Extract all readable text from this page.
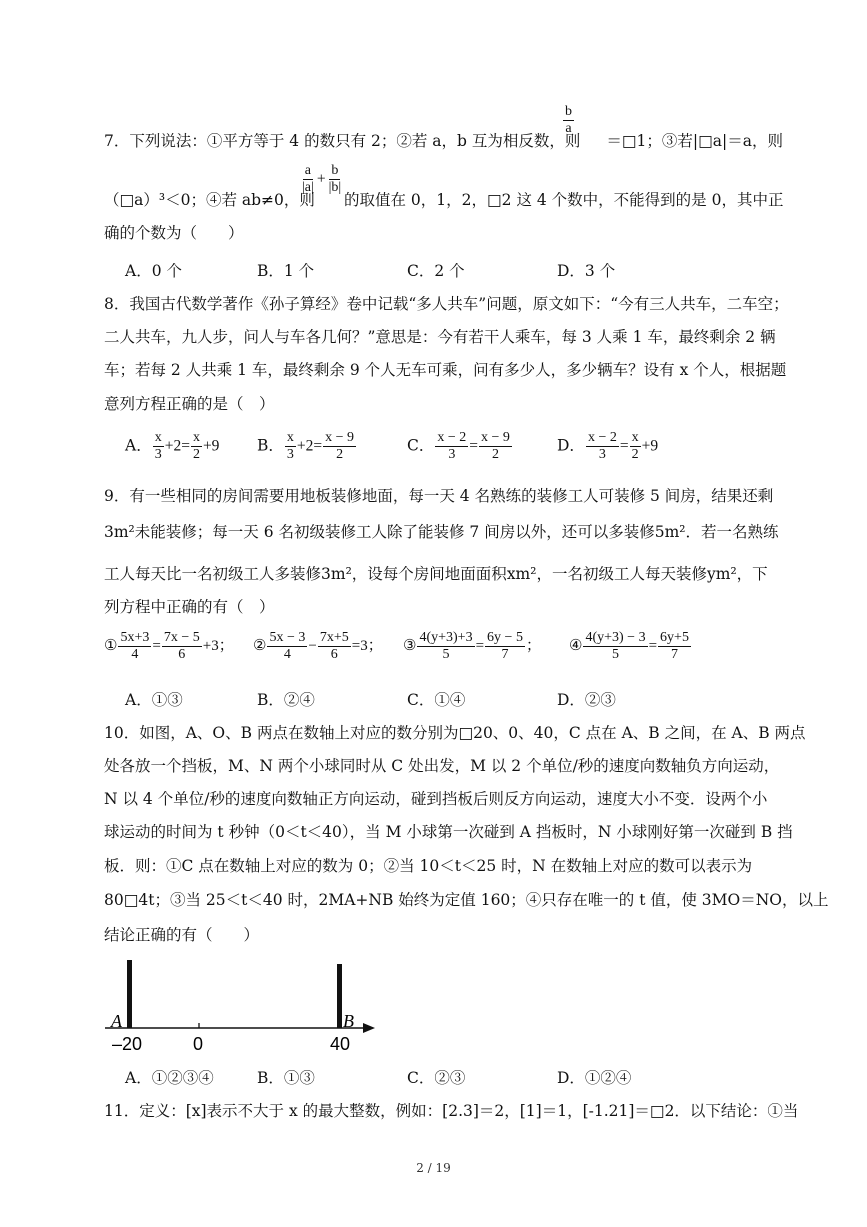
$\frac{b}{a}$
7．下列说法：①平方等于 4 的数只有 2；②若 a，b 互为相反数，则 ＝□1；③若|□a|＝a，则
（□a）³＜0；④若 ab≠0，则
$\frac{a}{|a|} + \frac{b}{|b|}$
的取值在 0，1，2，□2 这 4 个数中，不能得到的是 0，其中正
确的个数为（　　）
A．0 个	B．1 个	C．2 个	D．3 个
8．我国古代数学著作《孙子算经》卷中记载“多人共车”问题，原文如下：“今有三人共车，二车空；
二人共车，九人步，问人与车各几何？”意思是：今有若干人乘车，每 3 人乘 1 车，最终剩余 2 辆
车；若每 2 人共乘 1 车，最终剩余 9 个人无车可乘，问有多少人，多少辆车？设有 x 个人，根据题
意列方程正确的是（　）
A． $\frac{x}{3} +2= \frac{x}{2} +9$ B． $\frac{x}{3} +2= \frac{x - 9}{2}$	C． $\frac{x - 2}{3} = \frac{x - 9}{2}$	D． $\frac{x - 2}{3} = \frac{x}{2} +9$
9．有一些相同的房间需要用地板装修地面，每一天 4 名熟练的装修工人可装修 5 间房，结果还剩
3m²未能装修；每一天 6 名初级装修工人除了能装修 7 间房以外，还可以多装修5m²．若一名熟练
工人每天比一名初级工人多装修3m²，设每个房间地面面积xm²，一名初级工人每天装修ym²，下
列方程中正确的有（　）
① $\frac{5x+3}{4} = \frac{7x - 5}{6} +3$； ② $\frac{5x - 3}{4} - \frac{7x+5}{6} =3$； ③ $\frac{4(y+3)+3}{5} = \frac{6y - 5}{7}$ ； ④ $\frac{4(y+3) - 3}{5} = \frac{6y+5}{7}$
A．①③	B．②④	C．①④	D．②③
10．如图，A、O、B 两点在数轴上对应的数分别为□20、0、40，C 点在 A、B 之间，在 A、B 两点
处各放一个挡板，M、N 两个小球同时从 C 处出发，M 以 2 个单位/秒的速度向数轴负方向运动，
N 以 4 个单位/秒的速度向数轴正方向运动，碰到挡板后则反方向运动，速度大小不变．设两个小
球运动的时间为 t 秒钟（0＜t＜40），当 M 小球第一次碰到 A 挡板时，N 小球刚好第一次碰到 B 挡
板．则：①C 点在数轴上对应的数为 0；②当 10＜t＜25 时，N 在数轴上对应的数可以表示为
80□4t；③当 25＜t＜40 时，2MA+NB 始终为定值 160；④只存在唯一的 t 值，使 3MO＝NO，以上
结论正确的有（　　）
A	B
–20	0	40
A．①②③④	B．①③	C．②③	D．①②④
11．定义：[x]表示不大于 x 的最大整数，例如：[2.3]＝2，[1]＝1，[-1.21]＝□2．以下结论：①当
2 / 19
